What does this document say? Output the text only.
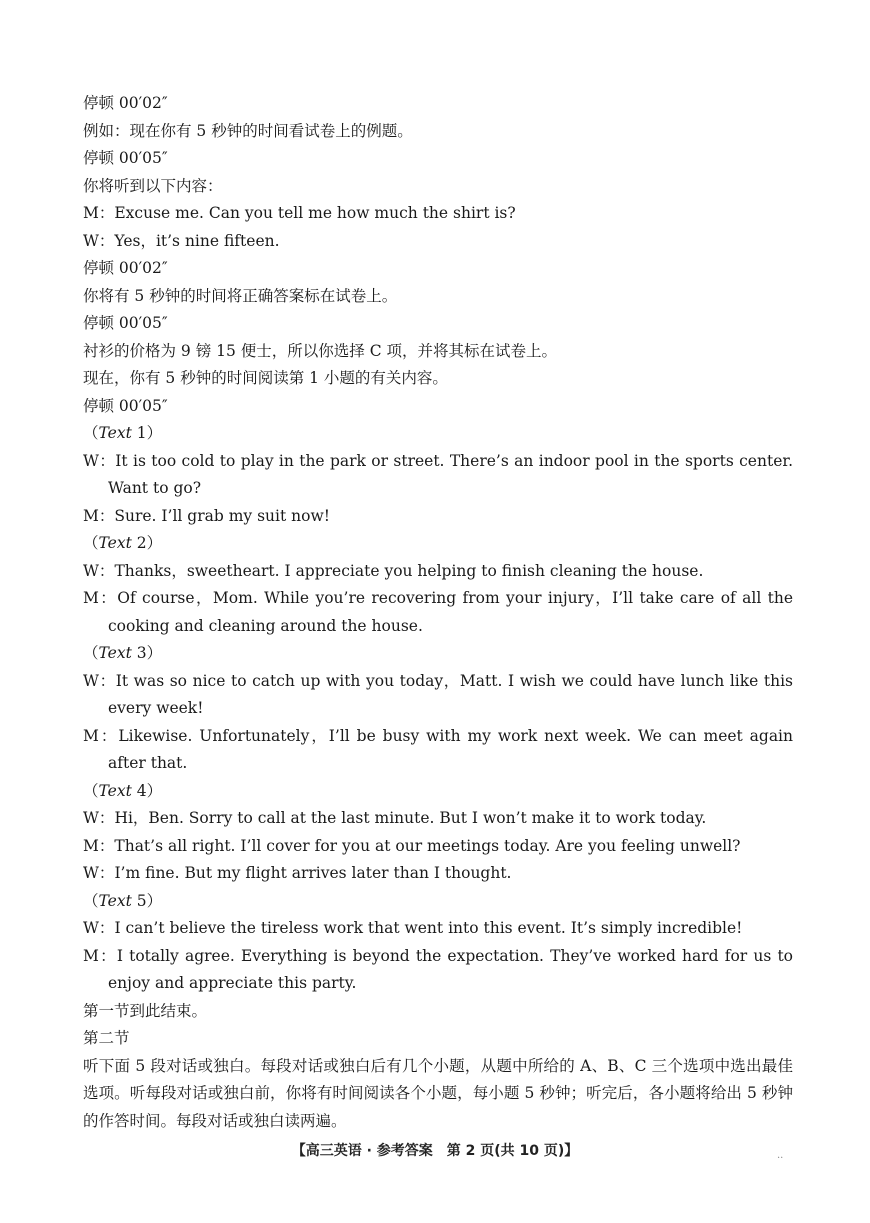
停顿 00′02″
例如：现在你有 5 秒钟的时间看试卷上的例题。
停顿 00′05″
你将听到以下内容：
M：Excuse me. Can you tell me how much the shirt is?
W：Yes，it’s nine fifteen.
停顿 00′02″
你将有 5 秒钟的时间将正确答案标在试卷上。
停顿 00′05″
衬衫的价格为 9 镑 15 便士，所以你选择 C 项，并将其标在试卷上。
现在，你有 5 秒钟的时间阅读第 1 小题的有关内容。
停顿 00′05″
（Text 1）
W：It is too cold to play in the park or street. There’s an indoor pool in the sports center. Want to go?
M：Sure. I’ll grab my suit now!
（Text 2）
W：Thanks，sweetheart. I appreciate you helping to finish cleaning the house.
M：Of course，Mom. While you’re recovering from your injury，I’ll take care of all the cooking and cleaning around the house.
（Text 3）
W：It was so nice to catch up with you today，Matt. I wish we could have lunch like this every week!
M：Likewise. Unfortunately，I’ll be busy with my work next week. We can meet again after that.
（Text 4）
W：Hi，Ben. Sorry to call at the last minute. But I won’t make it to work today.
M：That’s all right. I’ll cover for you at our meetings today. Are you feeling unwell?
W：I’m fine. But my flight arrives later than I thought.
（Text 5）
W：I can’t believe the tireless work that went into this event. It’s simply incredible!
M：I totally agree. Everything is beyond the expectation. They’ve worked hard for us to enjoy and appreciate this party.
第一节到此结束。
第二节
听下面 5 段对话或独白。每段对话或独白后有几个小题，从题中所给的 A、B、C 三个选项中选出最佳选项。听每段对话或独白前，你将有时间阅读各个小题，每小题 5 秒钟；听完后，各小题将给出 5 秒钟的作答时间。每段对话或独白读两遍。
【高三英语 · 参考答案　第 2 页(共 10 页)】	..
